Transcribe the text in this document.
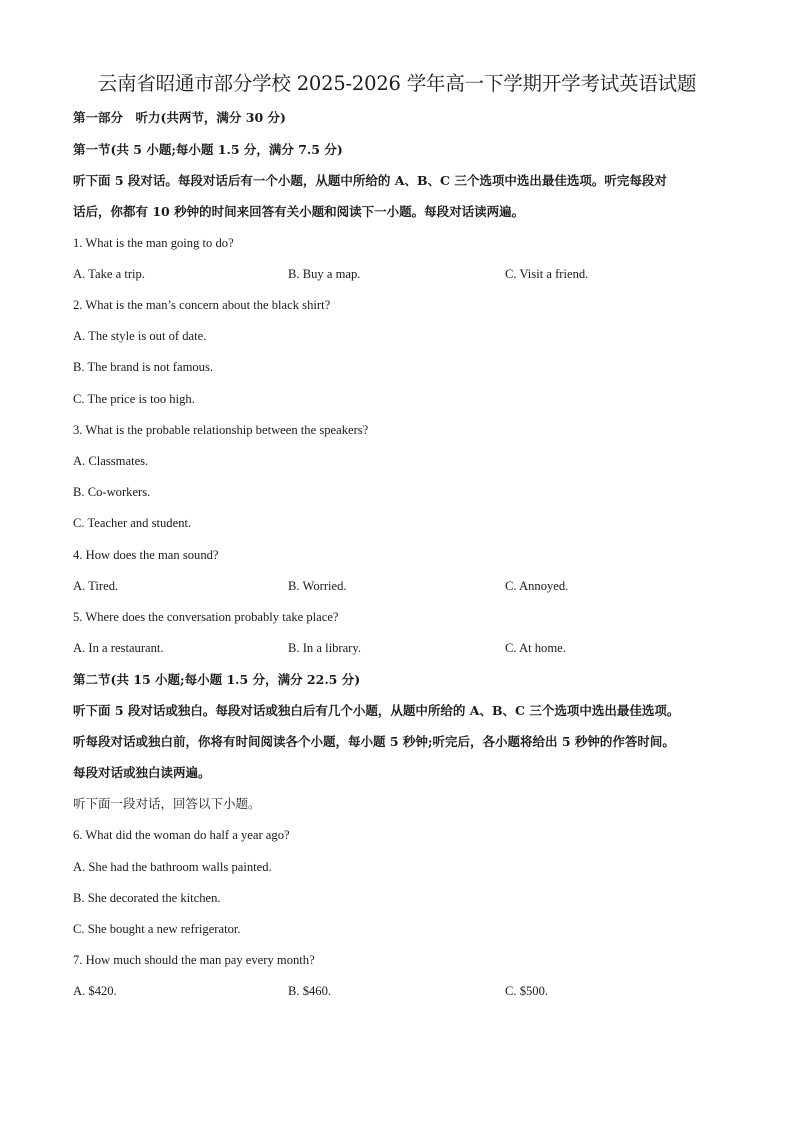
云南省昭通市部分学校 2025-2026 学年高一下学期开学考试英语试题
第一部分　听力(共两节，满分 30 分)
第一节(共 5 小题;每小题 1.5 分，满分 7.5 分)
听下面 5 段对话。每段对话后有一个小题，从题中所给的 A、B、C 三个选项中选出最佳选项。听完每段对
话后，你都有 10 秒钟的时间来回答有关小题和阅读下一小题。每段对话读两遍。
1. What is the man going to do?
A. Take a trip.	B. Buy a map.	C. Visit a friend.
2. What is the man’s concern about the black shirt?
A. The style is out of date.
B. The brand is not famous.
C. The price is too high.
3. What is the probable relationship between the speakers?
A. Classmates.
B. Co-workers.
C. Teacher and student.
4. How does the man sound?
A. Tired.	B. Worried.	C. Annoyed.
5. Where does the conversation probably take place?
A. In a restaurant.	B. In a library.	C. At home.
第二节(共 15 小题;每小题 1.5 分，满分 22.5 分)
听下面 5 段对话或独白。每段对话或独白后有几个小题，从题中所给的 A、B、C 三个选项中选出最佳选项。
听每段对话或独白前，你将有时间阅读各个小题，每小题 5 秒钟;听完后，各小题将给出 5 秒钟的作答时间。
每段对话或独白读两遍。
听下面一段对话，回答以下小题。
6. What did the woman do half a year ago?
A. She had the bathroom walls painted.
B. She decorated the kitchen.
C. She bought a new refrigerator.
7. How much should the man pay every month?
A. $420.	B. $460.	C. $500.
